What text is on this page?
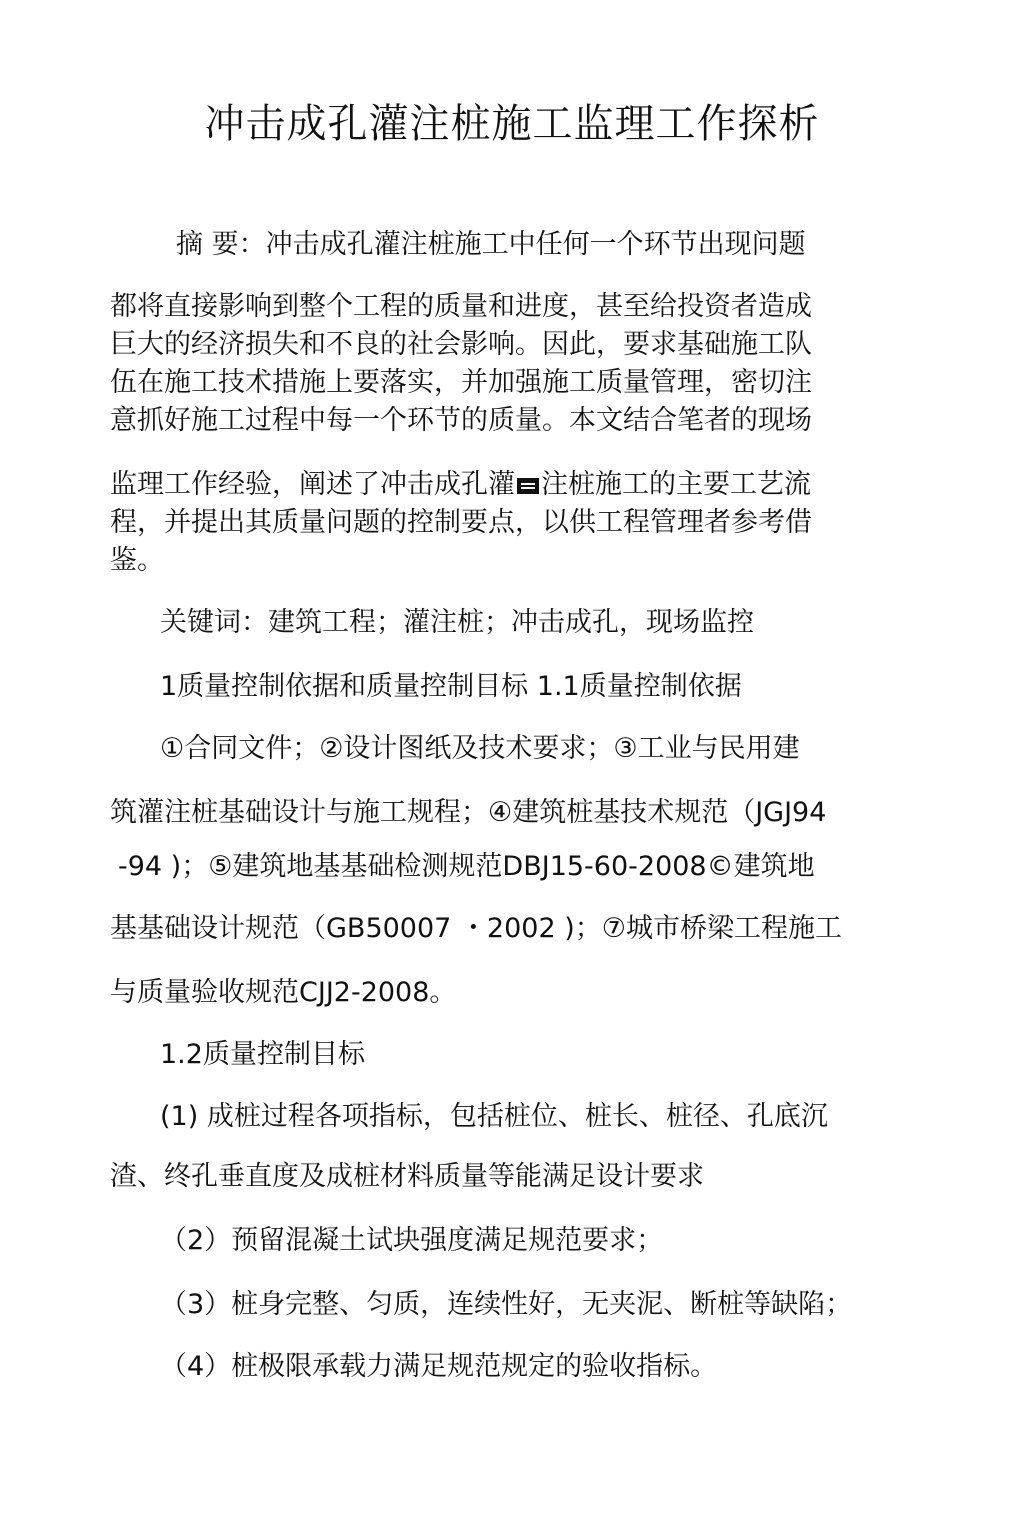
冲击成孔灌注桩施工监理工作探析
摘 要：冲击成孔灌注桩施工中任何一个环节出现问题
都将直接影响到整个工程的质量和进度，甚至给投资者造成
巨大的经济损失和不良的社会影响。因此，要求基础施工队
伍在施工技术措施上要落实，并加强施工质量管理，密切注
意抓好施工过程中每一个环节的质量。本文结合笔者的现场
监理工作经验，阐述了冲击成孔灌 注桩施工的主要工艺流
程，并提出其质量问题的控制要点，以供工程管理者参考借
鉴。
关键词：建筑工程；灌注桩；冲击成孔，现场监控
1质量控制依据和质量控制目标 1.1质量控制依据
①合同文件；②设计图纸及技术要求；③工业与民用建
筑灌注桩基础设计与施工规程；④建筑桩基技术规范（JGJ94
-94 )；⑤建筑地基基础检测规范DBJ15-60-2008©建筑地
基基础设计规范（GB50007 ・2002 )；⑦城市桥梁工程施工
与质量验收规范CJJ2-2008。
1.2质量控制目标
(1) 成桩过程各项指标，包括桩位、桩长、桩径、孔底沉
渣、终孔垂直度及成桩材料质量等能满足设计要求
（2）预留混凝土试块强度满足规范要求；
（3）桩身完整、匀质，连续性好，无夹泥、断桩等缺陷；
（4）桩极限承载力满足规范规定的验收指标。
